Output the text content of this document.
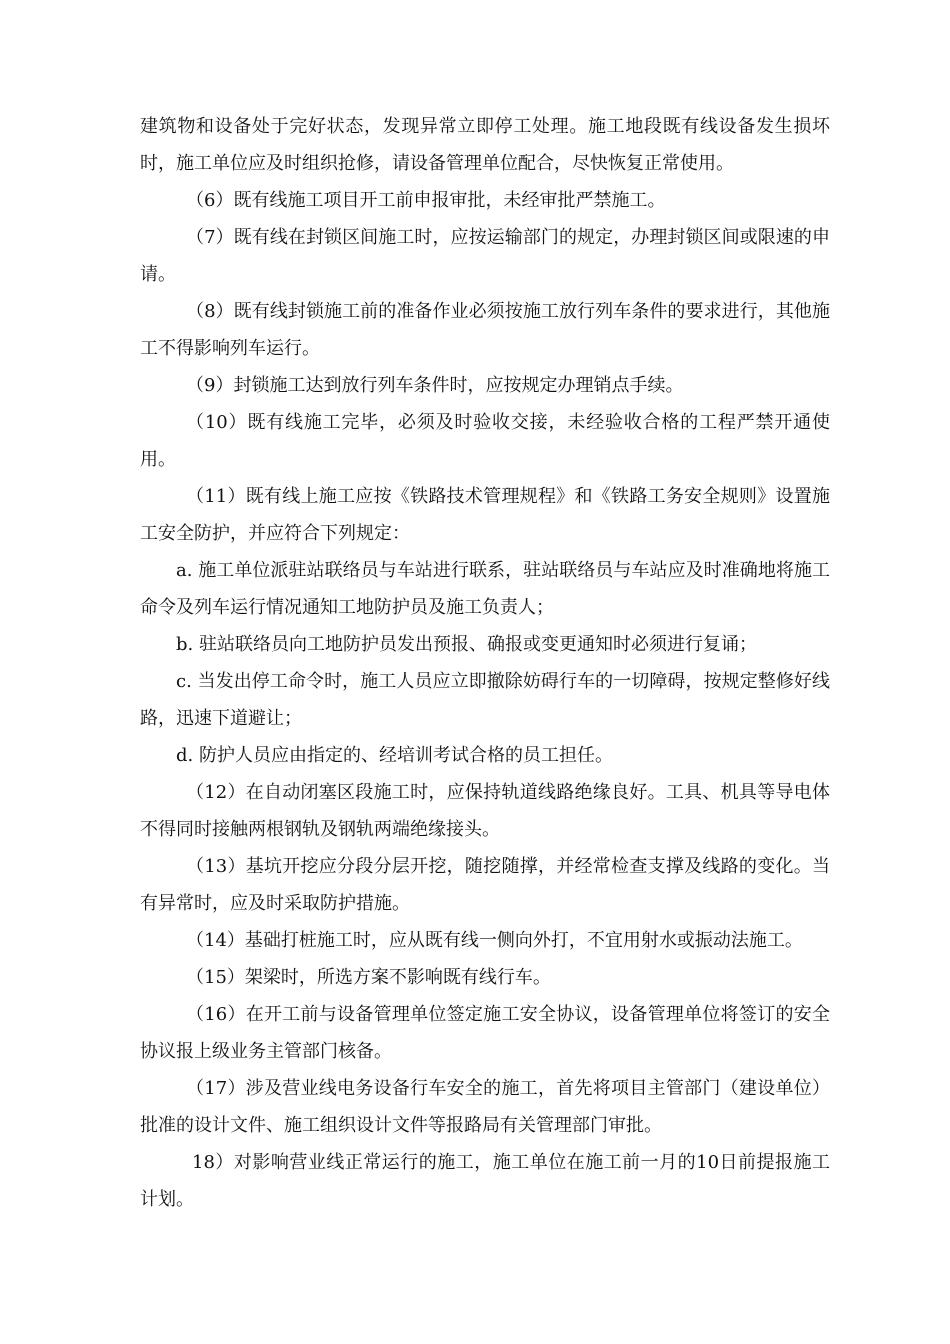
建筑物和设备处于完好状态，发现异常立即停工处理。施工地段既有线设备发生损坏时，施工单位应及时组织抢修，请设备管理单位配合，尽快恢复正常使用。

（6）既有线施工项目开工前申报审批，未经审批严禁施工。

（7）既有线在封锁区间施工时，应按运输部门的规定，办理封锁区间或限速的申请。

（8）既有线封锁施工前的准备作业必须按施工放行列车条件的要求进行，其他施工不得影响列车运行。

（9）封锁施工达到放行列车条件时，应按规定办理销点手续。

（10）既有线施工完毕，必须及时验收交接，未经验收合格的工程严禁开通使用。

（11）既有线上施工应按《铁路技术管理规程》和《铁路工务安全规则》设置施工安全防护，并应符合下列规定：

a. 施工单位派驻站联络员与车站进行联系，驻站联络员与车站应及时准确地将施工命令及列车运行情况通知工地防护员及施工负责人；

b. 驻站联络员向工地防护员发出预报、确报或变更通知时必须进行复诵；

c. 当发出停工命令时，施工人员应立即撤除妨碍行车的一切障碍，按规定整修好线路，迅速下道避让；

d. 防护人员应由指定的、经培训考试合格的员工担任。

（12）在自动闭塞区段施工时，应保持轨道线路绝缘良好。工具、机具等导电体不得同时接触两根钢轨及钢轨两端绝缘接头。

（13）基坑开挖应分段分层开挖，随挖随撑，并经常检查支撑及线路的变化。当有异常时，应及时采取防护措施。

（14）基础打桩施工时，应从既有线一侧向外打，不宜用射水或振动法施工。

（15）架梁时，所选方案不影响既有线行车。

（16）在开工前与设备管理单位签定施工安全协议，设备管理单位将签订的安全协议报上级业务主管部门核备。

（17）涉及营业线电务设备行车安全的施工，首先将项目主管部门（建设单位）批准的设计文件、施工组织设计文件等报路局有关管理部门审批。

18）对影响营业线正常运行的施工，施工单位在施工前一月的10日前提报施工计划。
